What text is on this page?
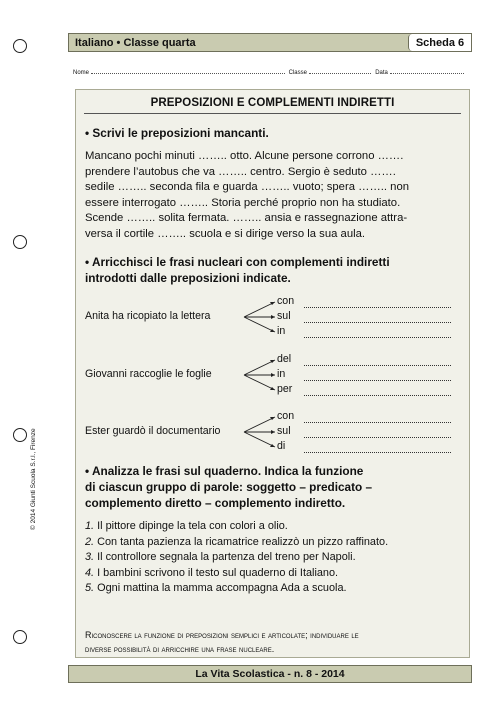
Italiano • Classe quarta	Scheda 6
Nome	Classe	Data
PREPOSIZIONI E COMPLEMENTI INDIRETTI
• Scrivi le preposizioni mancanti.
Mancano pochi minuti …….. otto. Alcune persone corrono …….
prendere l’autobus che va …….. centro. Sergio è seduto …….
sedile …….. seconda fila e guarda …….. vuoto; spera …….. non
essere interrogato …….. Storia perché proprio non ha studiato.
Scende …….. solita fermata. …….. ansia e rassegnazione attra-
versa il cortile …….. scuola e si dirige verso la sua aula.
• Arricchisci le frasi nucleari con complementi indiretti
introdotti dalle preposizioni indicate.
Anita ha ricopiato la lettera
con
sul
in
Giovanni raccoglie le foglie
del
in
per
Ester guardò il documentario
con
sul
di
• Analizza le frasi sul quaderno. Indica la funzione
di ciascun gruppo di parole: soggetto – predicato –
complemento diretto – complemento indiretto.
1. Il pittore dipinge la tela con colori a olio.
2. Con tanta pazienza la ricamatrice realizzò un pizzo raffinato.
3. Il controllore segnala la partenza del treno per Napoli.
4. I bambini scrivono il testo sul quaderno di Italiano.
5. Ogni mattina la mamma accompagna Ada a scuola.
Riconoscere la funzione di preposizioni semplici e articolate; individuare le
diverse possibilità di arricchire una frase nucleare.
© 2014 Giunti Scuola S.r.l., Firenze
La Vita Scolastica - n. 8 - 2014
